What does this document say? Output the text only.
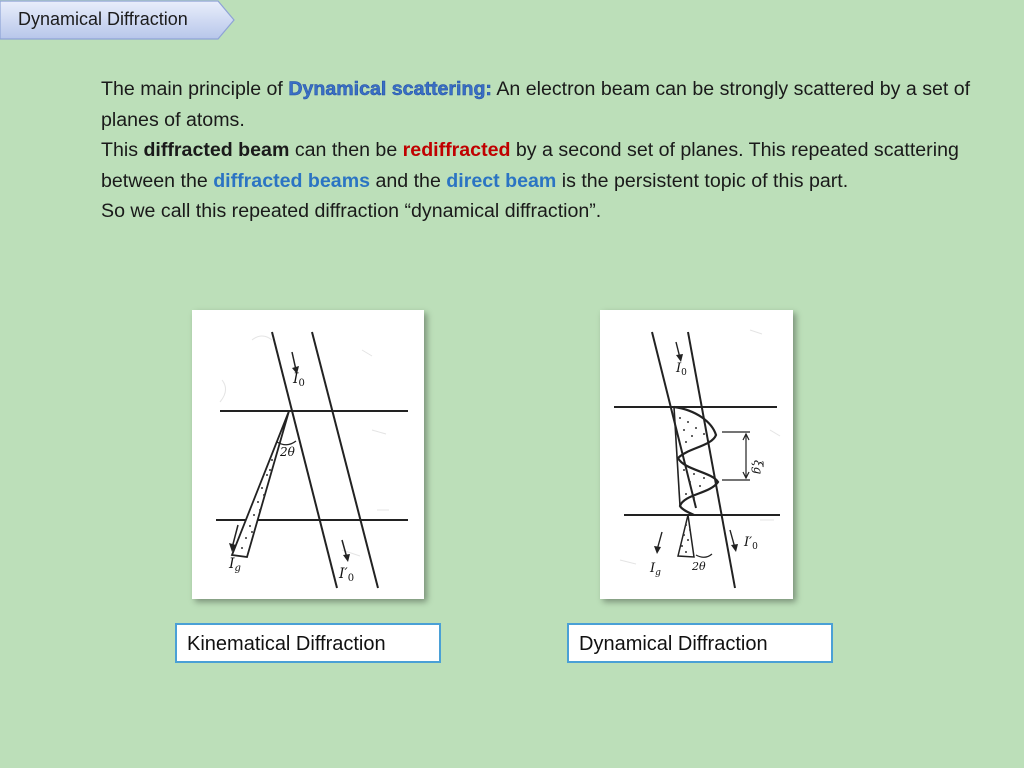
Dynamical Diffraction

The main principle of Dynamical scattering: An electron beam can be strongly scattered by a set of planes of atoms.

This diffracted beam can then be rediffracted by a second set of planes. This repeated scattering between the diffracted beams and the direct beam is the persistent topic of this part.

So we call this repeated diffraction “dynamical diffraction”.

$I_0$
2θ
$I_g$	$I'_0$
$I_0$
ξg
$I'_0$
$I_g$	2θ
Kinematical Diffraction	Dynamical Diffraction
